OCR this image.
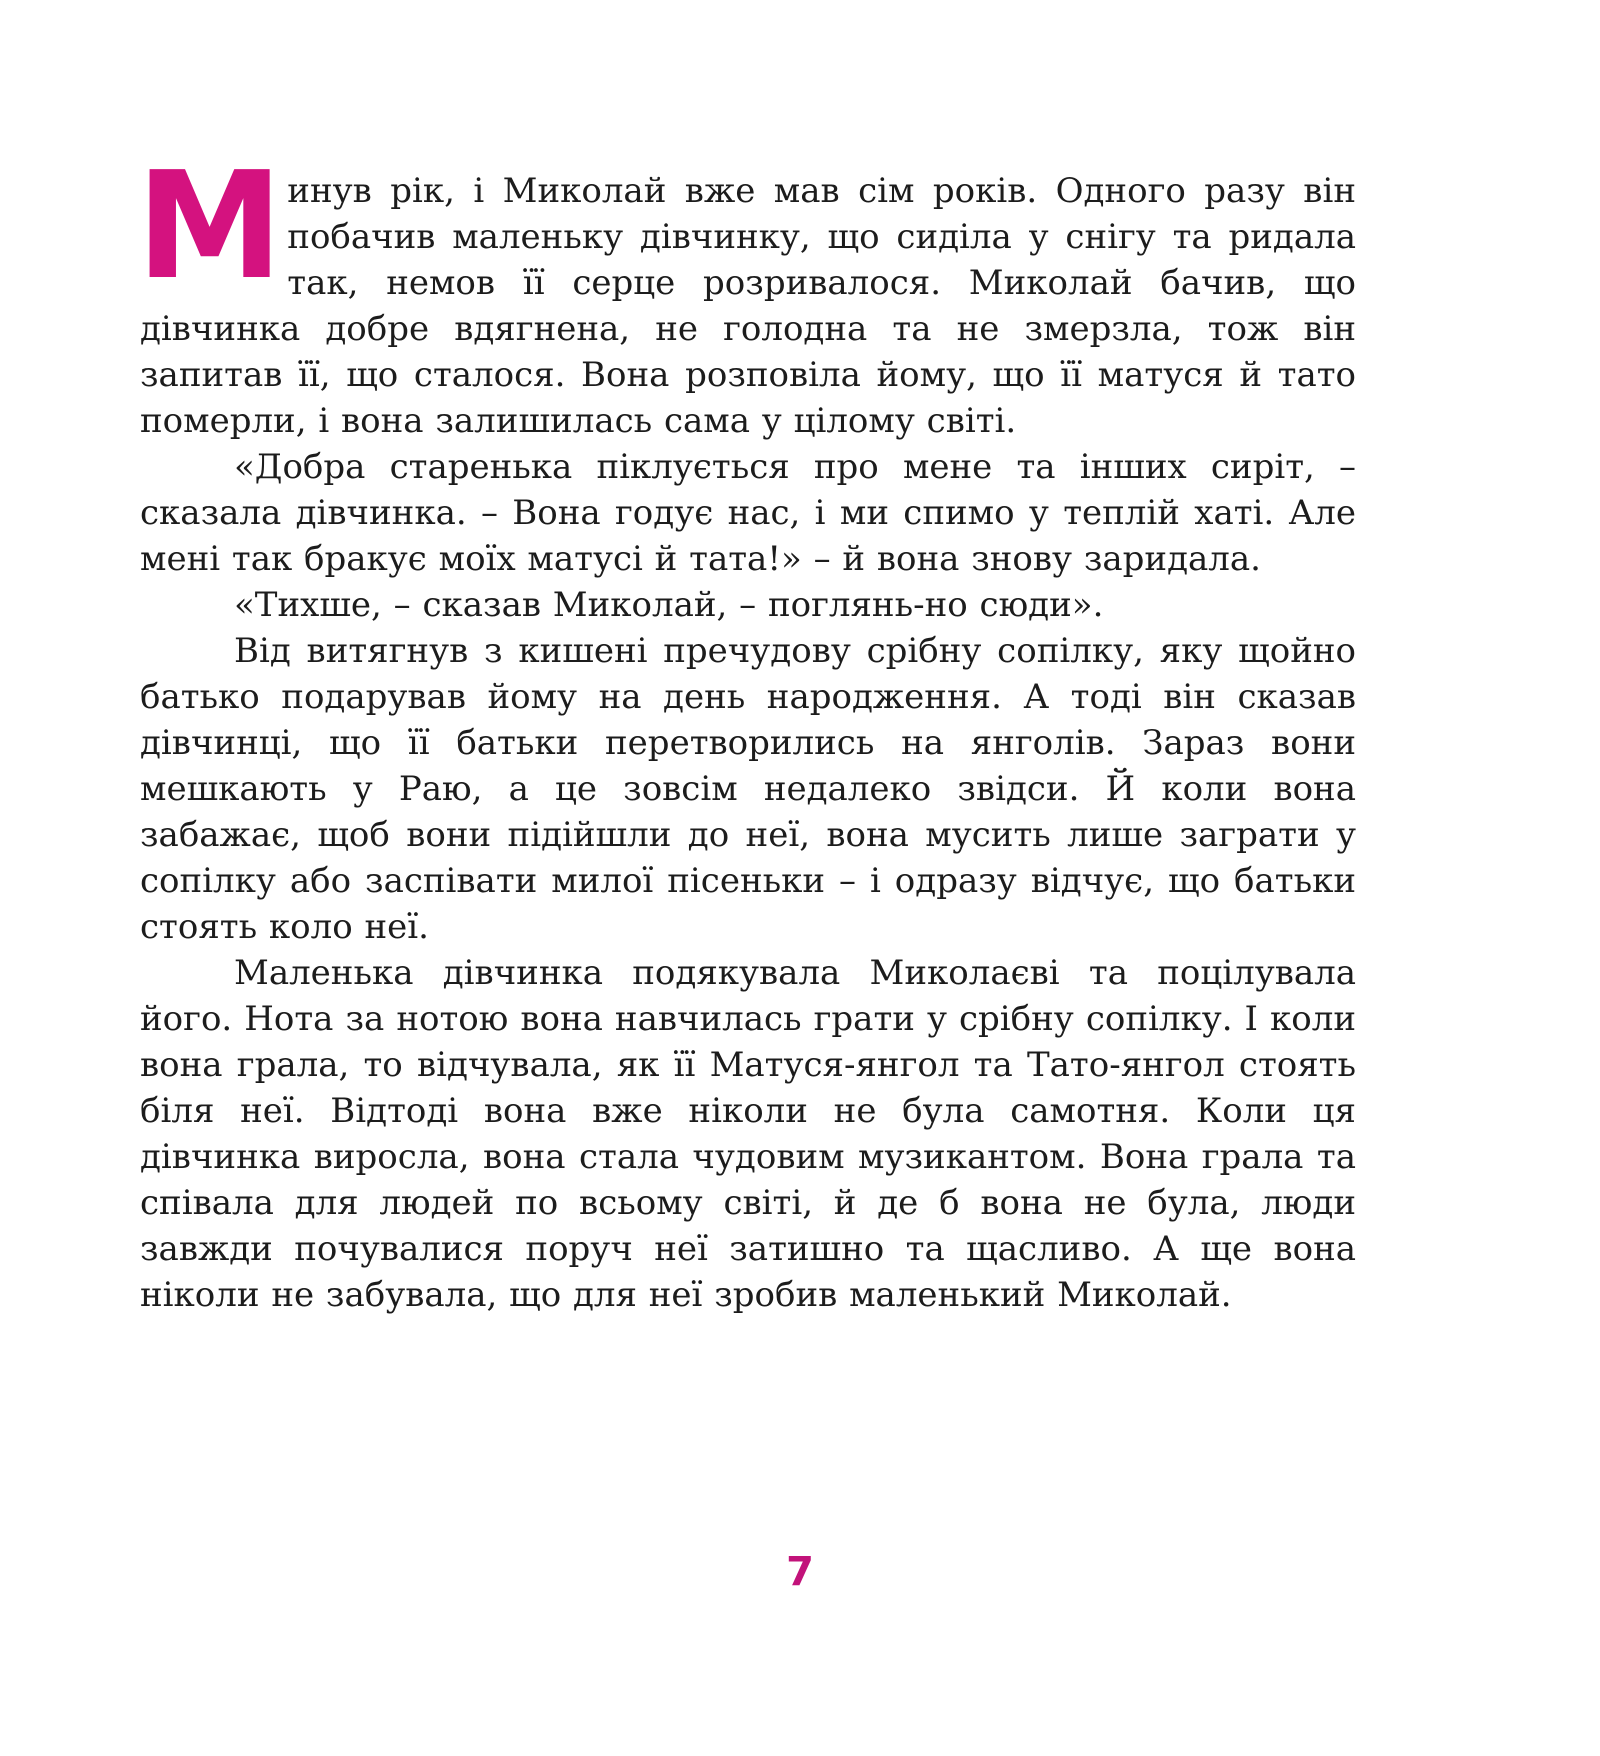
Минув рік, і Миколай вже мав сім років. Одного разу він побачив маленьку дівчинку, що сиділа у снігу та ридала так, немов її серце розривалося. Миколай бачив, що дівчинка добре вдягнена, не голодна та не змерзла, тож він запитав її, що сталося. Вона розповіла йому, що її матуся й тато померли, і вона залишилась сама у цілому світі.

«Добра старенька піклується про мене та інших сиріт, – сказала дівчинка. – Вона годує нас, і ми спимо у теплій хаті. Але мені так бракує моїх матусі й тата!» – й вона знову заридала.

«Тихше, – сказав Миколай, – поглянь-но сюди».

Від витягнув з кишені пречудову срібну сопілку, яку щойно батько подарував йому на день народження. А тоді він сказав дівчинці, що її батьки перетворились на янголів. Зараз вони мешкають у Раю, а це зовсім недалеко звідси. Й коли вона забажає, щоб вони підійшли до неї, вона мусить лише заграти у сопілку або заспівати милої пісеньки – і одразу відчує, що батьки стоять коло неї.

Маленька дівчинка подякувала Миколаєві та поцілувала його. Нота за нотою вона навчилась грати у срібну сопілку. І коли вона грала, то відчувала, як її Матуся-янгол та Тато-янгол стоять біля неї. Відтоді вона вже ніколи не була самотня. Коли ця дівчинка виросла, вона стала чудовим музикантом. Вона грала та співала для людей по всьому світі, й де б вона не була, люди завжди почувалися поруч неї затишно та щасливо. А ще вона ніколи не забувала, що для неї зробив маленький Миколай.

7
